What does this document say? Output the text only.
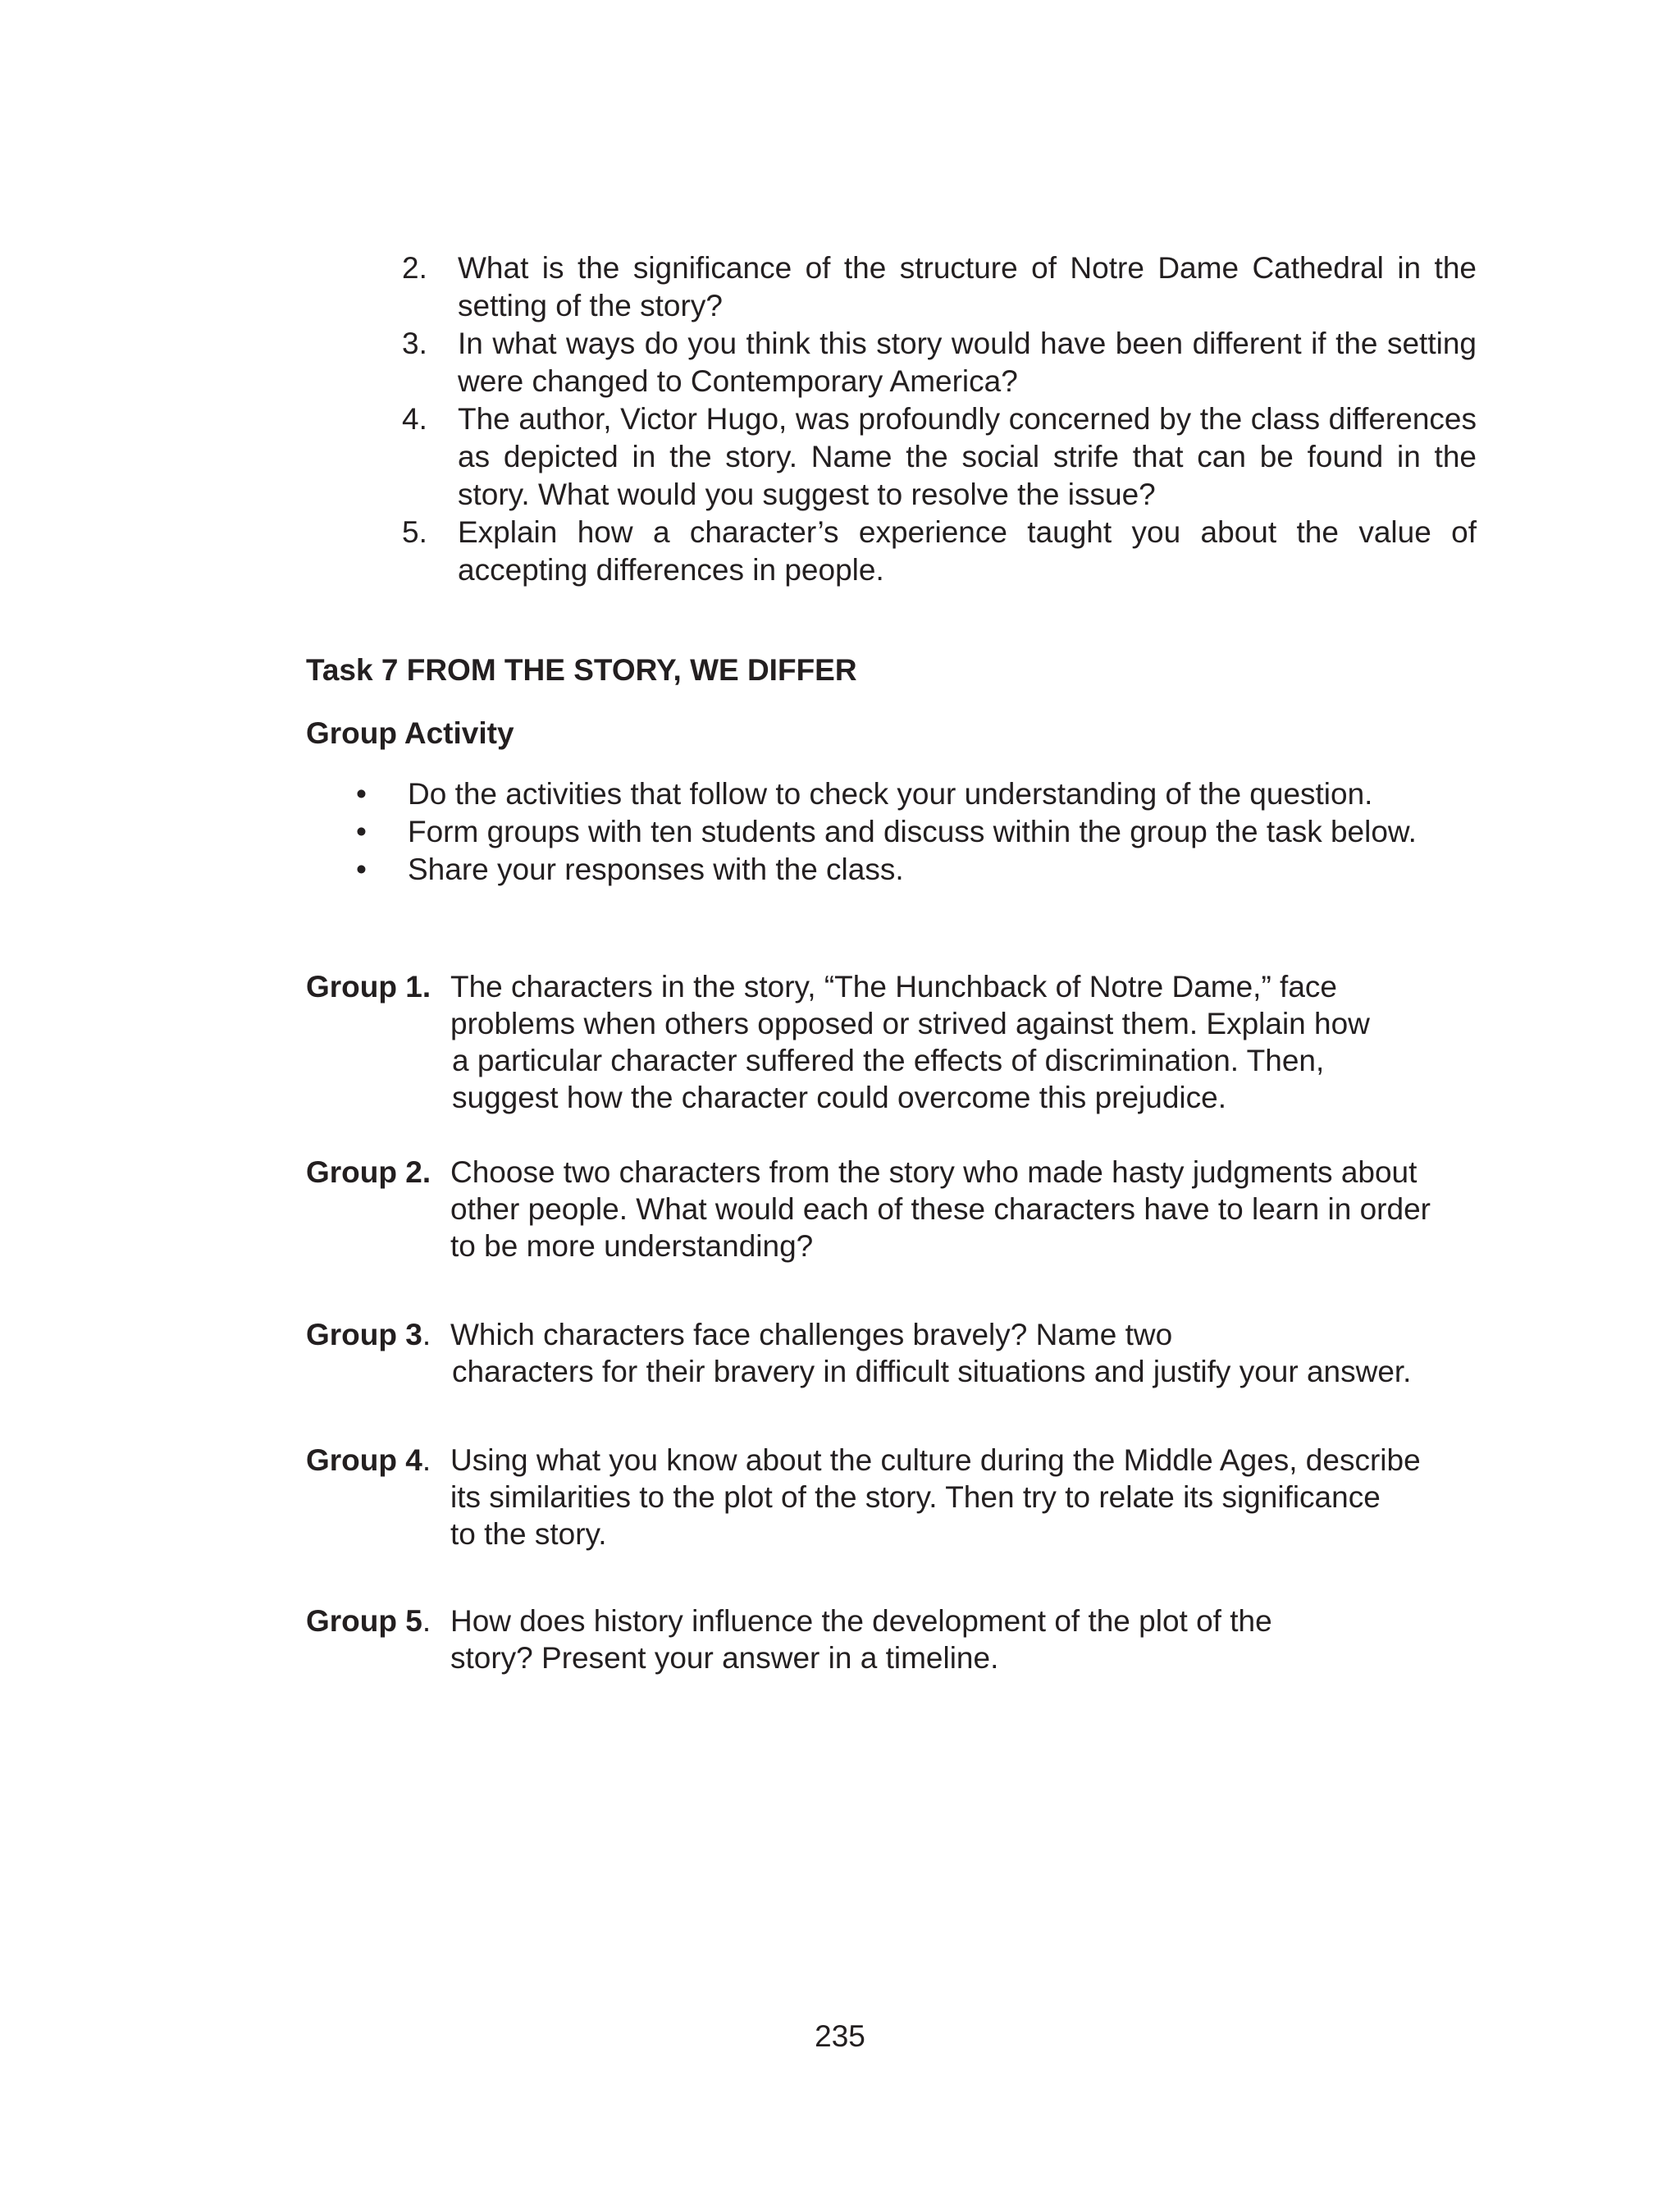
2.	What is the significance of the structure of Notre Dame Cathedral in the setting of the story?
3.	In what ways do you think this story would have been different if the setting were changed to Contemporary America?
4.	The author, Victor Hugo, was profoundly concerned by the class differences as depicted in the story. Name the social strife that can be found in the story. What would you suggest to resolve the issue?
5.	Explain how a character’s experience taught you about the value of accepting differences in people.
Task 7 FROM THE STORY, WE DIFFER
Group Activity
•	Do the activities that follow to check your understanding of the question.
•	Form groups with ten students and discuss within the group the task below.
•	Share your responses with the class.
Group 1. The characters in the story, “The Hunchback of Notre Dame,” face
problems when others opposed or strived against them. Explain how
a particular character suffered the effects of discrimination. Then,
suggest how the character could overcome this prejudice.
Group 2. Choose two characters from the story who made hasty judgments about
other people. What would each of these characters have to learn in order
to be more understanding?
Group 3. Which characters face challenges bravely? Name two
characters for their bravery in difficult situations and justify your answer.
Group 4. Using what you know about the culture during the Middle Ages, describe
its similarities to the plot of the story. Then try to relate its significance
to the story.
Group 5. How does history influence the development of the plot of the
story? Present your answer in a timeline.
235
